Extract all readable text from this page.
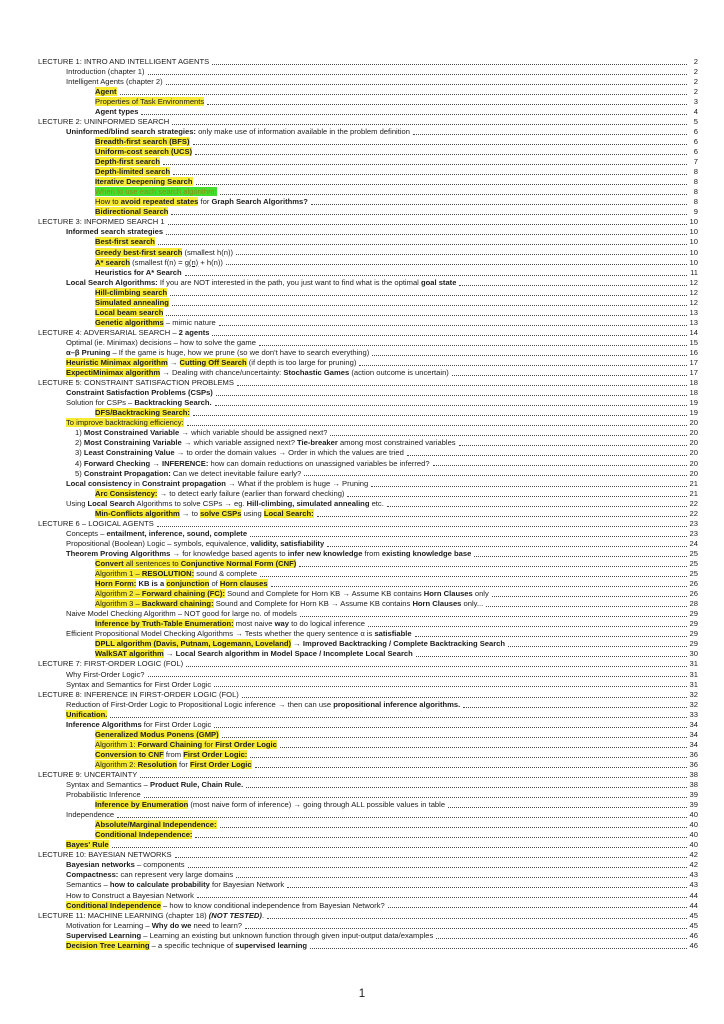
LECTURE 1: INTRO AND INTELLIGENT AGENTS	2
Introduction (chapter 1)	2
Intelligent Agents (chapter 2)	2
Agent	2
Properties of Task Environments	3
Agent types	4
LECTURE 2: UNINFORMED SEARCH	5
Uninformed/blind search strategies: only make use of information available in the problem definition	6
Breadth-first search (BFS)	6
Uniform-cost search (UCS)	6
Depth-first search	7
Depth-limited search	8
Iterative Deepening Search	8
When to use each search algorithm:	8
How to avoid repeated states for Graph Search Algorithms?	8
Bidirectional Search	9
LECTURE 3: INFORMED SEARCH 1	10
Informed search strategies	10
Best-first search	10
Greedy best-first search (smallest h(n))	10
A* search (smallest f(n) = g(n) + h(n))	10
Heuristics for A* Search	11
Local Search Algorithms: If you are NOT interested in the path, you just want to find what is the optimal goal state	12
Hill-climbing search	12
Simulated annealing	12
Local beam search	13
Genetic algorithms – mimic nature	13
LECTURE 4: ADVERSARIAL SEARCH – 2 agents	14
Optimal (ie. Minimax) decisions – how to solve the game	15
α–β Pruning – If the game is huge, how we prune (so we don't have to search everything)	16
Heuristic Minimax algorithm → Cutting Off Search (if depth is too large for pruning)	17
ExpectiMinimax algorithm → Dealing with chance/uncertainty: Stochastic Games (action outcome is uncertain)	17
LECTURE 5: CONSTRAINT SATISFACTION PROBLEMS	18
Constraint Satisfaction Problems (CSPs)	18
Solution for CSPs – Backtracking Search.	19
DFS/Backtracking Search:	19
To improve backtracking efficiency:	20
1) Most Constrained Variable → which variable should be assigned next?	20
2) Most Constraining Variable → which variable assigned next? Tie-breaker among most constrained variables	20
3) Least Constraining Value → to order the domain values → Order in which the values are tried	20
4) Forward Checking → INFERENCE: how can domain reductions on unassigned variables be inferred?	20
5) Constraint Propagation: Can we detect inevitable failure early?	20
Local consistency in Constraint propagation → What if the problem is huge → Pruning	21
Arc Consistency: → to detect early failure (earlier than forward checking)	21
Using Local Search Algorithms to solve CSPs → eg. Hill-climbing, simulated annealing etc.	22
Min-Conflicts algorithm → to solve CSPs using Local Search:	22
LECTURE 6 – LOGICAL AGENTS	23
Concepts – entailment, inference, sound, complete	23
Propositional (Boolean) Logic – symbols, equivalence, validity, satisfiability	24
Theorem Proving Algorithms → for knowledge based agents to infer new knowledge from existing knowledge base	25
Convert all sentences to Conjunctive Normal Form (CNF)	25
Algorithm 1 – RESOLUTION: sound & complete	25
Horn Form: KB is a conjunction of Horn clauses	26
Algorithm 2 – Forward chaining (FC): Sound and Complete for Horn KB → Assume KB contains Horn Clauses only	26
Algorithm 3 – Backward chaining: Sound and Complete for Horn KB → Assume KB contains Horn Clauses only...	28
Naive Model Checking Algorithm – NOT good for large no. of models	29
Inference by Truth-Table Enumeration: most naive way to do logical inference	29
Efficient Propositional Model Checking Algorithms → Tests whether the query sentence α is satisfiable	29
DPLL algorithm (Davis, Putnam, Logemann, Loveland) → Improved Backtracking / Complete Backtracking Search	29
WalkSAT algorithm → Local Search algorithm in Model Space / Incomplete Local Search	30
LECTURE 7: FIRST-ORDER LOGIC (FOL)	31
Why First-Order Logic?	31
Syntax and Semantics for First Order Logic	31
LECTURE 8: INFERENCE IN FIRST-ORDER LOGIC (FOL)	32
Reduction of First-Order Logic to Propositional Logic inference → then can use propositional inference algorithms.	32
Unification.	33
Inference Algorithms for First Order Logic	34
Generalized Modus Ponens (GMP)	34
Algorithm 1: Forward Chaining for First Order Logic	34
Conversion to CNF from First Order Logic:	36
Algorithm 2: Resolution for First Order Logic	36
LECTURE 9: UNCERTAINTY	38
Syntax and Semantics – Product Rule, Chain Rule.	38
Probabilistic Inference	39
Inference by Enumeration (most naive form of inference) → going through ALL possible values in table	39
Independence	40
Absolute/Marginal Independence:	40
Conditional Independence:	40
Bayes' Rule	40
LECTURE 10: BAYESIAN NETWORKS	42
Bayesian networks – components	42
Compactness: can represent very large domains	43
Semantics – how to calculate probability for Bayesian Network	43
How to Construct a Bayesian Network	44
Conditional Independence – how to know conditional independence from Bayesian Network?	44
LECTURE 11: MACHINE LEARNING (chapter 18) (NOT TESTED).	45
Motivation for Learning – Why do we need to learn?	45
Supervised Learning – Learning an existing but unknown function through given input-output data/examples	46
Decision Tree Learning – a specific technique of supervised learning	46
1
